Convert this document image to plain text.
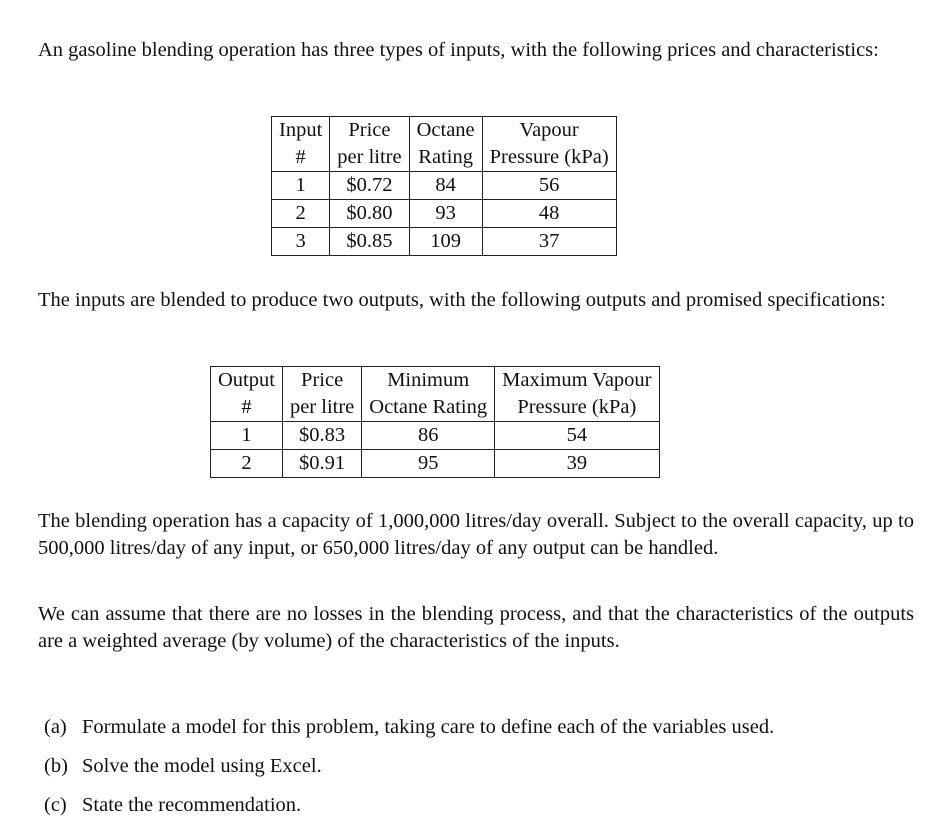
An gasoline blending operation has three types of inputs, with the following prices and characteristics:

Input	Price	Octane	Vapour
#	per litre	Rating	Pressure (kPa)
1	$0.72	84	56
2	$0.80	93	48
3	$0.85	109	37

The inputs are blended to produce two outputs, with the following outputs and promised specifications:

Output	Price	Minimum	Maximum Vapour
#	per litre	Octane Rating	Pressure (kPa)
1	$0.83	86	54
2	$0.91	95	39

The blending operation has a capacity of 1,000,000 litres/day overall. Subject to the overall capacity, up to 500,000 litres/day of any input, or 650,000 litres/day of any output can be handled.

We can assume that there are no losses in the blending process, and that the characteristics of the outputs are a weighted average (by volume) of the characteristics of the inputs.

(a) Formulate a model for this problem, taking care to define each of the variables used.
(b) Solve the model using Excel.
(c) State the recommendation.
